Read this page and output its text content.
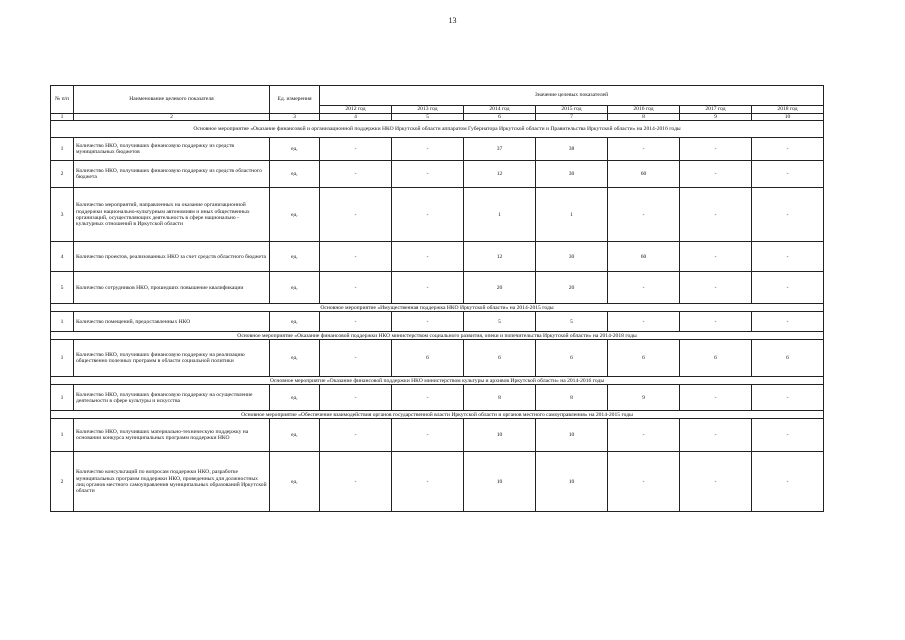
13
№ п/п	Наименование целевого показателя	Ед. измерения	Значение целевых показателей						
			2012 год	2013 год	2014 год	2015 год	2016 год	2017 год	2018 год
1	2	3	4	5	6	7	8	9	10
Основное мероприятие «Оказание финансовой и организационной поддержки НКО Иркутской области аппаратом Губернатора Иркутской области и Правительства Иркутской области» на 2014-2016 годы									
1	Количество НКО, получивших финансовую поддержку из средств муниципальных бюджетов	ед.	-	-	37	38	-	-	-
2	Количество НКО, получивших финансовую поддержку из средств областного бюджета	ед.	-	-	12	30	60	-	-
3	Количество мероприятий, направленных на оказание организационной поддержки национально-культурным автономиям и иных общественных организаций, осуществляющих деятельность в сфере национально - культурных отношений в Иркутской области	ед.	-	-	1	1	-	-	-
4	Количество проектов, реализованных НКО за счет средств областного бюджета	ед.	-	-	12	30	60	-	-
5	Количество сотрудников НКО, прошедших повышение квалификации	ед.	-	-	20	20	-	-	-
Основное мероприятие «Имущественная поддержка НКО Иркутской области» на 2014-2015 годы									
1	Количество помещений, предоставленных НКО	ед.	-	-	5	5	-	-	-
Основное мероприятие «Оказание финансовой поддержки НКО министерством социального развития, опеки и попечительства Иркутской области» на 2014-2018 годы									
1	Количество НКО, получивших финансовую поддержку на реализацию общественно полезных программ в области социальной политики	ед.	-	6	6	6	6	6	6
Основное мероприятие «Оказание финансовой поддержки НКО министерством культуры и архивов Иркутской области» на 2014-2016 годы									
1	Количество НКО, получивших финансовую поддержку на осуществление деятельности в сфере культуры и искусства	ед.	-	-	8	8	9	-	-
Основное мероприятие «Обеспечение взаимодействия органов государственной власти Иркутской области и органов местного самоуправления» на 2014-2015 годы									
1	Количество НКО, получивших материально-техническую поддержку на основании конкурса муниципальных программ поддержки НКО	ед.	-	-	10	10	-	-	-
2	Количество консультаций по вопросам поддержки НКО, разработке муниципальных программ поддержки НКО, проведенных для должностных лиц органов местного самоуправления муниципальных образований Иркутской области	ед.	-	-	10	10	-	-	-
